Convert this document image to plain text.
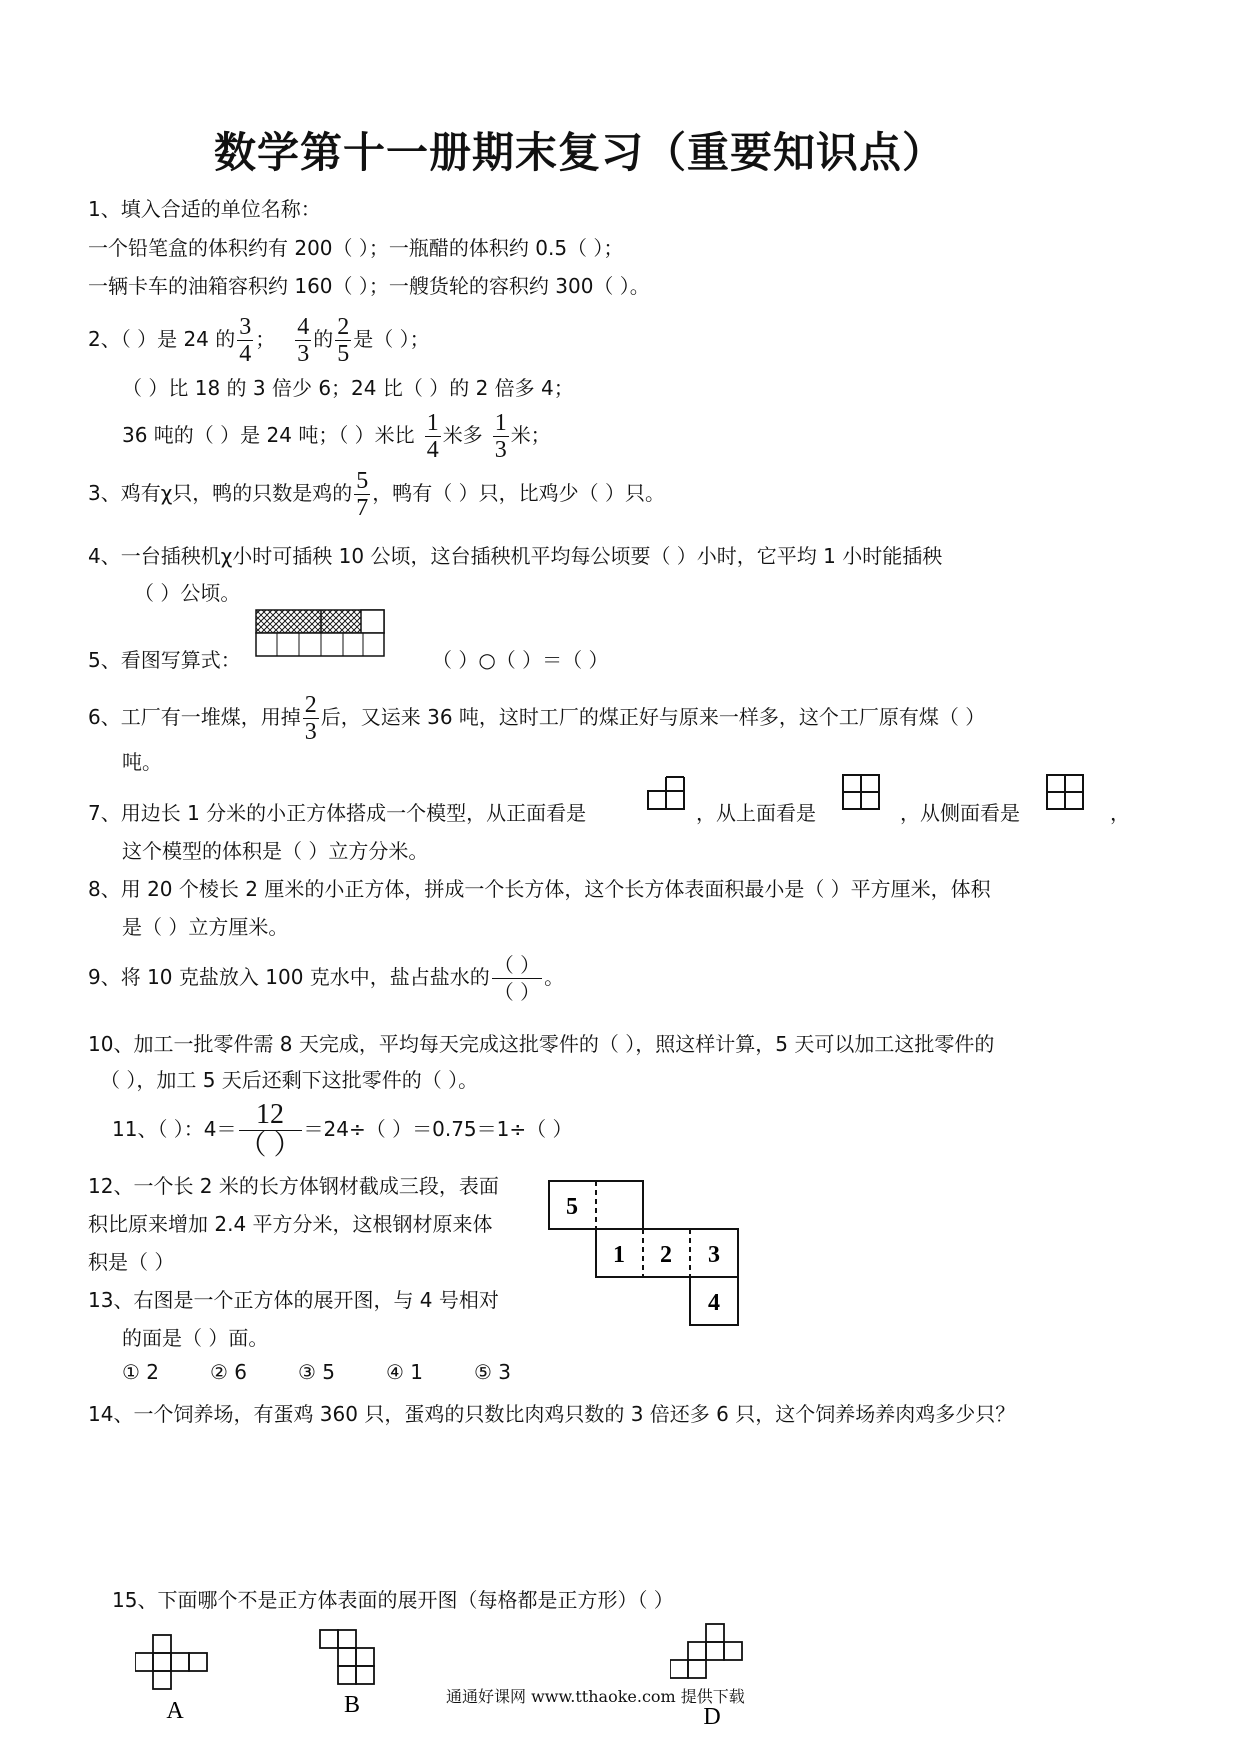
数学第十一册期末复习（重要知识点）
1、填入合适的单位名称：
一个铅笔盒的体积约有 200（ ）；一瓶醋的体积约 0.5（ ）；
一辆卡车的油箱容积约 160（ ）；一艘货轮的容积约 300（ ）。
2、（ ）是 24 的 $\frac{3}{4}$ ； $\frac{4}{3}$ 的 $\frac{2}{5}$ 是（ ）；
（ ）比 18 的 3 倍少 6；24 比（ ）的 2 倍多 4；
36 吨的（ ）是 24 吨；（ ）米比 $\frac{1}{4}$ 米多 $\frac{1}{3}$ 米；
3、鸡有χ只，鸭的只数是鸡的 $\frac{5}{7}$ ，鸭有（ ）只，比鸡少（ ）只。
4、一台插秧机χ小时可插秧 10 公顷，这台插秧机平均每公顷要（ ）小时，它平均 1 小时能插秧
（ ）公顷。
5、看图写算式：	（ ）○（ ）＝（ ）
6、工厂有一堆煤，用掉 $\frac{2}{3}$ 后，又运来 36 吨，这时工厂的煤正好与原来一样多，这个工厂原有煤（ ）
吨。
7、用边长 1 分米的小正方体搭成一个模型，从正面看是	，从上面看是	，从侧面看是	，
这个模型的体积是（ ）立方分米。
8、用 20 个棱长 2 厘米的小正方体，拼成一个长方体，这个长方体表面积最小是（ ）平方厘米，体积
是（ ）立方厘米。
9、将 10 克盐放入 100 克水中，盐占盐水的 $\frac{( )}{( )}$ 。
10、加工一批零件需 8 天完成，平均每天完成这批零件的（ ），照这样计算，5 天可以加工这批零件的
（ ），加工 5 天后还剩下这批零件的（ ）。
11、（ ）：$4= \frac{12}{( )} =24\div$（ ）＝0.75＝1÷（ ）
12、一个长 2 米的长方体钢材截成三段，表面
积比原来增加 2.4 平方分米，这根钢材原来体
积是（ ）
5
1 2 3
4
13、右图是一个正方体的展开图，与 4 号相对
的面是（ ）面。
① 2	② 6	③ 5	④ 1	⑤ 3
14、一个饲养场，有蛋鸡 360 只，蛋鸡的只数比肉鸡只数的 3 倍还多 6 只，这个饲养场养肉鸡多少只？
15、下面哪个不是正方体表面的展开图（每格都是正方形）（ ）
A	B	D
通通好课网 www.tthaoke.com 提供下载
